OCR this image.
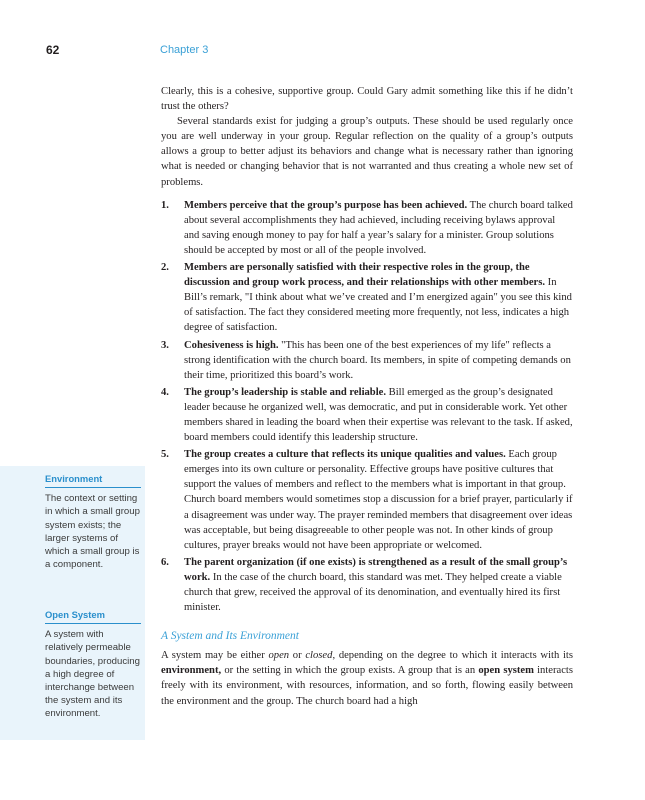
62	Chapter 3
Environment
The context or setting in which a small group system exists; the larger systems of which a small group is a component.
Open System
A system with relatively permeable boundaries, producing a high degree of interchange between the system and its environment.

Clearly, this is a cohesive, supportive group. Could Gary admit something like this if he didn’t trust the others?

Several standards exist for judging a group’s outputs. These should be used regularly once you are well underway in your group. Regular reflection on the quality of a group’s outputs allows a group to better adjust its behaviors and change what is necessary rather than ignoring what is needed or changing behavior that is not warranted and thus creating a whole new set of problems.

1. Members perceive that the group’s purpose has been achieved. The church board talked about several accomplishments they had achieved, including receiving bylaws approval and saving enough money to pay for half a year’s salary for a minister. Group solutions should be accepted by most or all of the people involved.
2. Members are personally satisfied with their respective roles in the group, the discussion and group work process, and their relationships with other members. In Bill’s remark, "I think about what we’ve created and I’m energized again" you see this kind of satisfaction. The fact they considered meeting more frequently, not less, indicates a high degree of satisfaction.
3. Cohesiveness is high. "This has been one of the best experiences of my life" reflects a strong identification with the church board. Its members, in spite of competing demands on their time, prioritized this board’s work.
4. The group’s leadership is stable and reliable. Bill emerged as the group’s designated leader because he organized well, was democratic, and put in considerable work. Yet other members shared in leading the board when their expertise was relevant to the task. If asked, board members could identify this leadership structure.
5. The group creates a culture that reflects its unique qualities and values. Each group emerges into its own culture or personality. Effective groups have positive cultures that support the values of members and reflect to the members what is important in that group. Church board members would sometimes stop a discussion for a brief prayer, particularly if a disagreement was under way. The prayer reminded members that disagreement over ideas was acceptable, but being disagreeable to other people was not. In other kinds of group cultures, prayer breaks would not have been appropriate or welcomed.
6. The parent organization (if one exists) is strengthened as a result of the small group’s work. In the case of the church board, this standard was met. They helped create a viable church that grew, received the approval of its denomination, and eventually hired its first minister.
A System and Its Environment

A system may be either open or closed, depending on the degree to which it interacts with its environment, or the setting in which the group exists. A group that is an open system interacts freely with its environment, with resources, information, and so forth, flowing easily between the environment and the group. The church board had a high
